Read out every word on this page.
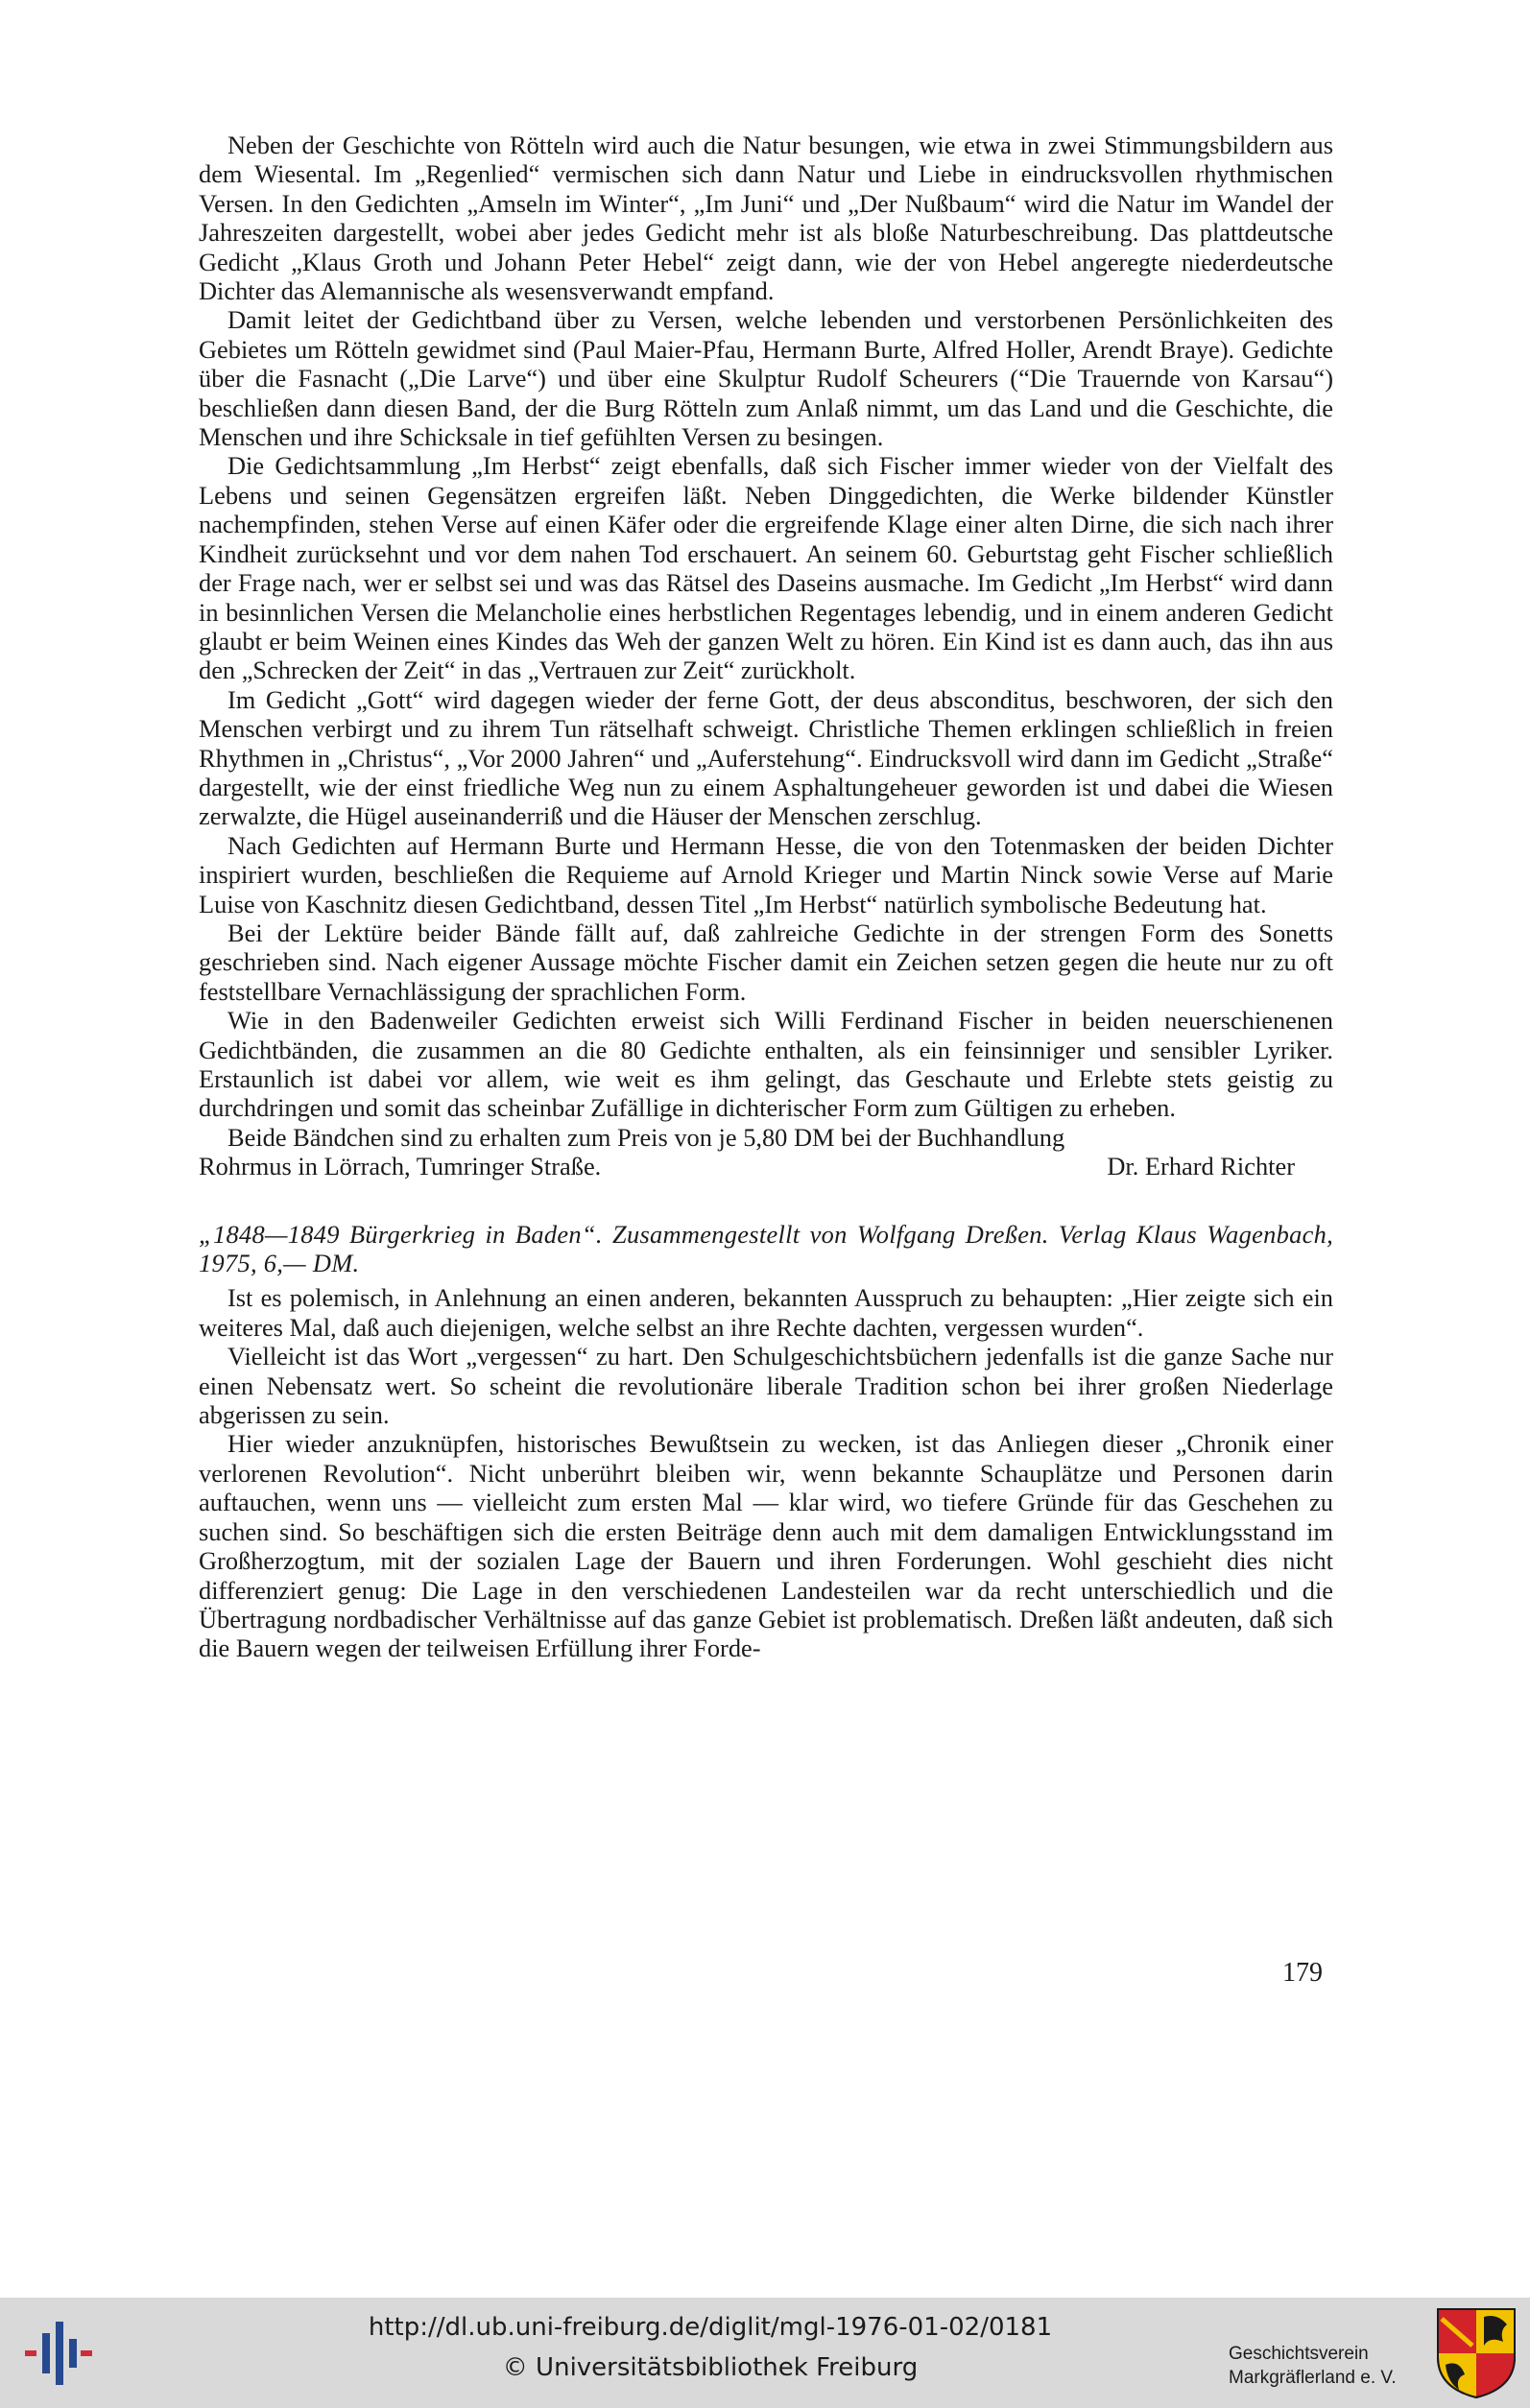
Neben der Geschichte von Rötteln wird auch die Natur besungen, wie etwa in zwei Stimmungsbildern aus dem Wiesental. Im „Regenlied“ vermischen sich dann Natur und Liebe in eindrucksvollen rhythmischen Versen. In den Gedichten „Amseln im Winter“, „Im Juni“ und „Der Nußbaum“ wird die Natur im Wandel der Jahreszeiten dargestellt, wobei aber jedes Gedicht mehr ist als bloße Naturbeschreibung. Das plattdeutsche Gedicht „Klaus Groth und Johann Peter Hebel“ zeigt dann, wie der von Hebel angeregte niederdeutsche Dichter das Alemannische als wesensverwandt empfand.

Damit leitet der Gedichtband über zu Versen, welche lebenden und verstorbenen Persönlichkeiten des Gebietes um Rötteln gewidmet sind (Paul Maier-Pfau, Hermann Burte, Alfred Holler, Arendt Braye). Gedichte über die Fasnacht („Die Larve“) und über eine Skulptur Rudolf Scheurers (“Die Trauernde von Karsau“) beschließen dann diesen Band, der die Burg Rötteln zum Anlaß nimmt, um das Land und die Geschichte, die Menschen und ihre Schicksale in tief gefühlten Versen zu besingen.

Die Gedichtsammlung „Im Herbst“ zeigt ebenfalls, daß sich Fischer immer wieder von der Vielfalt des Lebens und seinen Gegensätzen ergreifen läßt. Neben Dinggedichten, die Werke bildender Künstler nachempfinden, stehen Verse auf einen Käfer oder die ergreifende Klage einer alten Dirne, die sich nach ihrer Kindheit zurücksehnt und vor dem nahen Tod erschauert. An seinem 60. Geburtstag geht Fischer schließlich der Frage nach, wer er selbst sei und was das Rätsel des Daseins ausmache. Im Gedicht „Im Herbst“ wird dann in besinnlichen Versen die Melancholie eines herbstlichen Regentages lebendig, und in einem anderen Gedicht glaubt er beim Weinen eines Kindes das Weh der ganzen Welt zu hören. Ein Kind ist es dann auch, das ihn aus den „Schrecken der Zeit“ in das „Vertrauen zur Zeit“ zurückholt.

Im Gedicht „Gott“ wird dagegen wieder der ferne Gott, der deus absconditus, beschworen, der sich den Menschen verbirgt und zu ihrem Tun rätselhaft schweigt. Christliche Themen erklingen schließlich in freien Rhythmen in „Christus“, „Vor 2000 Jahren“ und „Auferstehung“. Eindrucksvoll wird dann im Gedicht „Straße“ dargestellt, wie der einst friedliche Weg nun zu einem Asphaltungeheuer geworden ist und dabei die Wiesen zerwalzte, die Hügel auseinanderriß und die Häuser der Menschen zerschlug.

Nach Gedichten auf Hermann Burte und Hermann Hesse, die von den Totenmasken der beiden Dichter inspiriert wurden, beschließen die Requieme auf Arnold Krieger und Martin Ninck sowie Verse auf Marie Luise von Kaschnitz diesen Gedichtband, dessen Titel „Im Herbst“ natürlich symbolische Bedeutung hat.

Bei der Lektüre beider Bände fällt auf, daß zahlreiche Gedichte in der strengen Form des Sonetts geschrieben sind. Nach eigener Aussage möchte Fischer damit ein Zeichen setzen gegen die heute nur zu oft feststellbare Vernachlässigung der sprachlichen Form.

Wie in den Badenweiler Gedichten erweist sich Willi Ferdinand Fischer in beiden neuerschienenen Gedichtbänden, die zusammen an die 80 Gedichte enthalten, als ein feinsinniger und sensibler Lyriker. Erstaunlich ist dabei vor allem, wie weit es ihm gelingt, das Geschaute und Erlebte stets geistig zu durchdringen und somit das scheinbar Zufällige in dichterischer Form zum Gültigen zu erheben.

Beide Bändchen sind zu erhalten zum Preis von je 5,80 DM bei der Buchhandlung

Rohrmus in Lörrach, Tumringer Straße.	Dr. Erhard Richter

„1848—1849 Bürgerkrieg in Baden“. Zusammengestellt von Wolfgang Dreßen. Verlag Klaus Wagenbach, 1975, 6,— DM.

Ist es polemisch, in Anlehnung an einen anderen, bekannten Ausspruch zu behaupten: „Hier zeigte sich ein weiteres Mal, daß auch diejenigen, welche selbst an ihre Rechte dachten, vergessen wurden“.

Vielleicht ist das Wort „vergessen“ zu hart. Den Schulgeschichtsbüchern jedenfalls ist die ganze Sache nur einen Nebensatz wert. So scheint die revolutionäre liberale Tradition schon bei ihrer großen Niederlage abgerissen zu sein.

Hier wieder anzuknüpfen, historisches Bewußtsein zu wecken, ist das Anliegen dieser „Chronik einer verlorenen Revolution“. Nicht unberührt bleiben wir, wenn bekannte Schauplätze und Personen darin auftauchen, wenn uns — vielleicht zum ersten Mal — klar wird, wo tiefere Gründe für das Geschehen zu suchen sind. So beschäftigen sich die ersten Beiträge denn auch mit dem damaligen Entwicklungsstand im Großherzogtum, mit der sozialen Lage der Bauern und ihren Forderungen. Wohl geschieht dies nicht differenziert genug: Die Lage in den verschiedenen Landesteilen war da recht unterschiedlich und die Übertragung nordbadischer Verhältnisse auf das ganze Gebiet ist problematisch. Dreßen läßt andeuten, daß sich die Bauern wegen der teilweisen Erfüllung ihrer Forde-

179
http://dl.ub.uni-freiburg.de/diglit/mgl-1976-01-02/0181
© Universitätsbibliothek Freiburg	Geschichtsverein
Markgräflerland e. V.
